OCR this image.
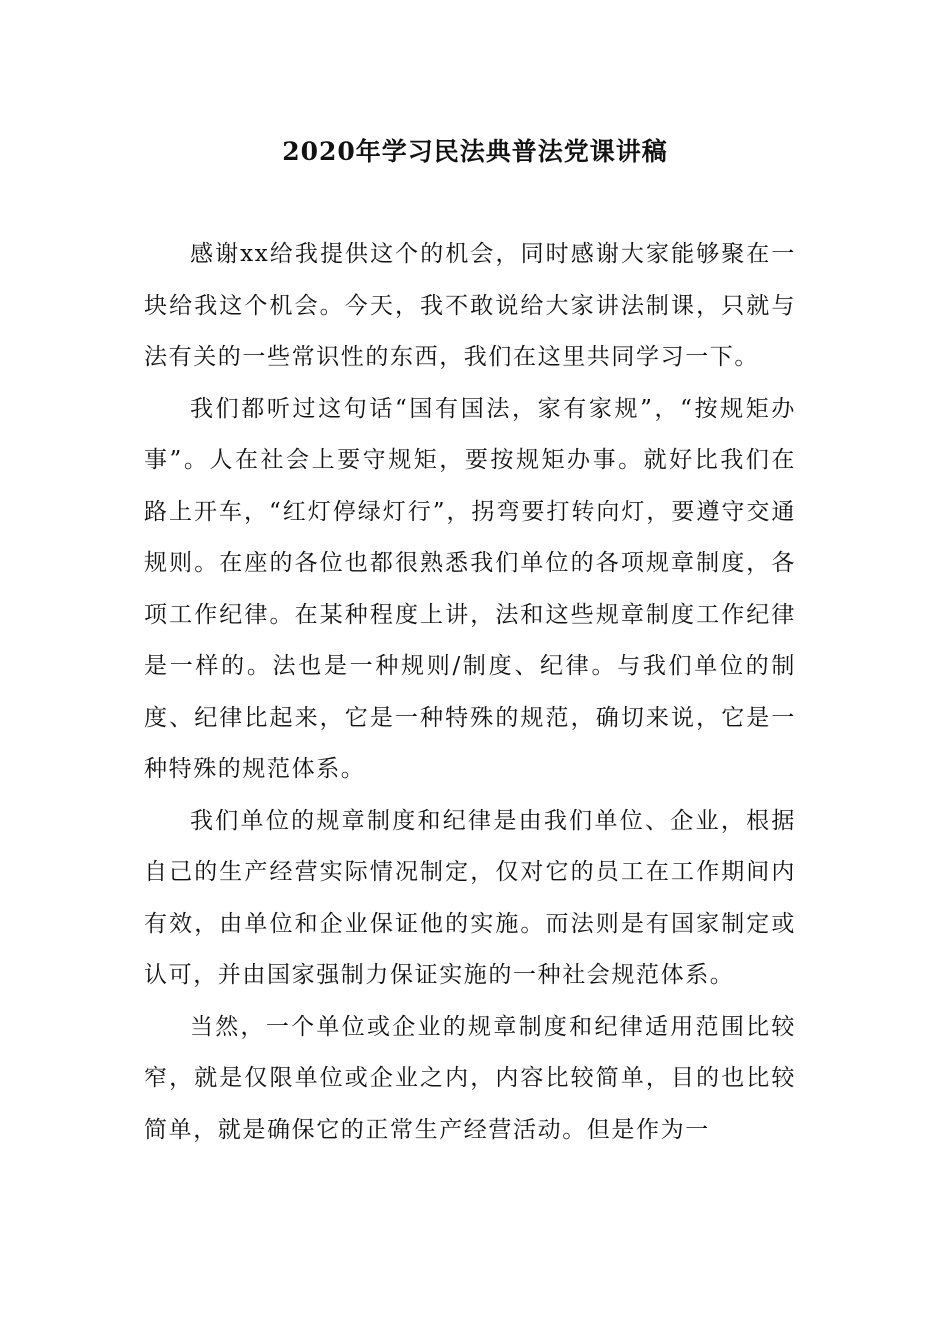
2020年学习民法典普法党课讲稿

感谢xx给我提供这个的机会，同时感谢大家能够聚在一块给我这个机会。今天，我不敢说给大家讲法制课，只就与法有关的一些常识性的东西，我们在这里共同学习一下。

我们都听过这句话“国有国法，家有家规”，“按规矩办事”。人在社会上要守规矩，要按规矩办事。就好比我们在路上开车，“红灯停绿灯行”，拐弯要打转向灯，要遵守交通规则。在座的各位也都很熟悉我们单位的各项规章制度，各项工作纪律。在某种程度上讲，法和这些规章制度工作纪律是一样的。法也是一种规则/制度、纪律。与我们单位的制度、纪律比起来，它是一种特殊的规范，确切来说，它是一种特殊的规范体系。

我们单位的规章制度和纪律是由我们单位、企业，根据自己的生产经营实际情况制定，仅对它的员工在工作期间内有效，由单位和企业保证他的实施。而法则是有国家制定或认可，并由国家强制力保证实施的一种社会规范体系。

当然，一个单位或企业的规章制度和纪律适用范围比较窄，就是仅限单位或企业之内，内容比较简单，目的也比较简单，就是确保它的正常生产经营活动。但是作为一
